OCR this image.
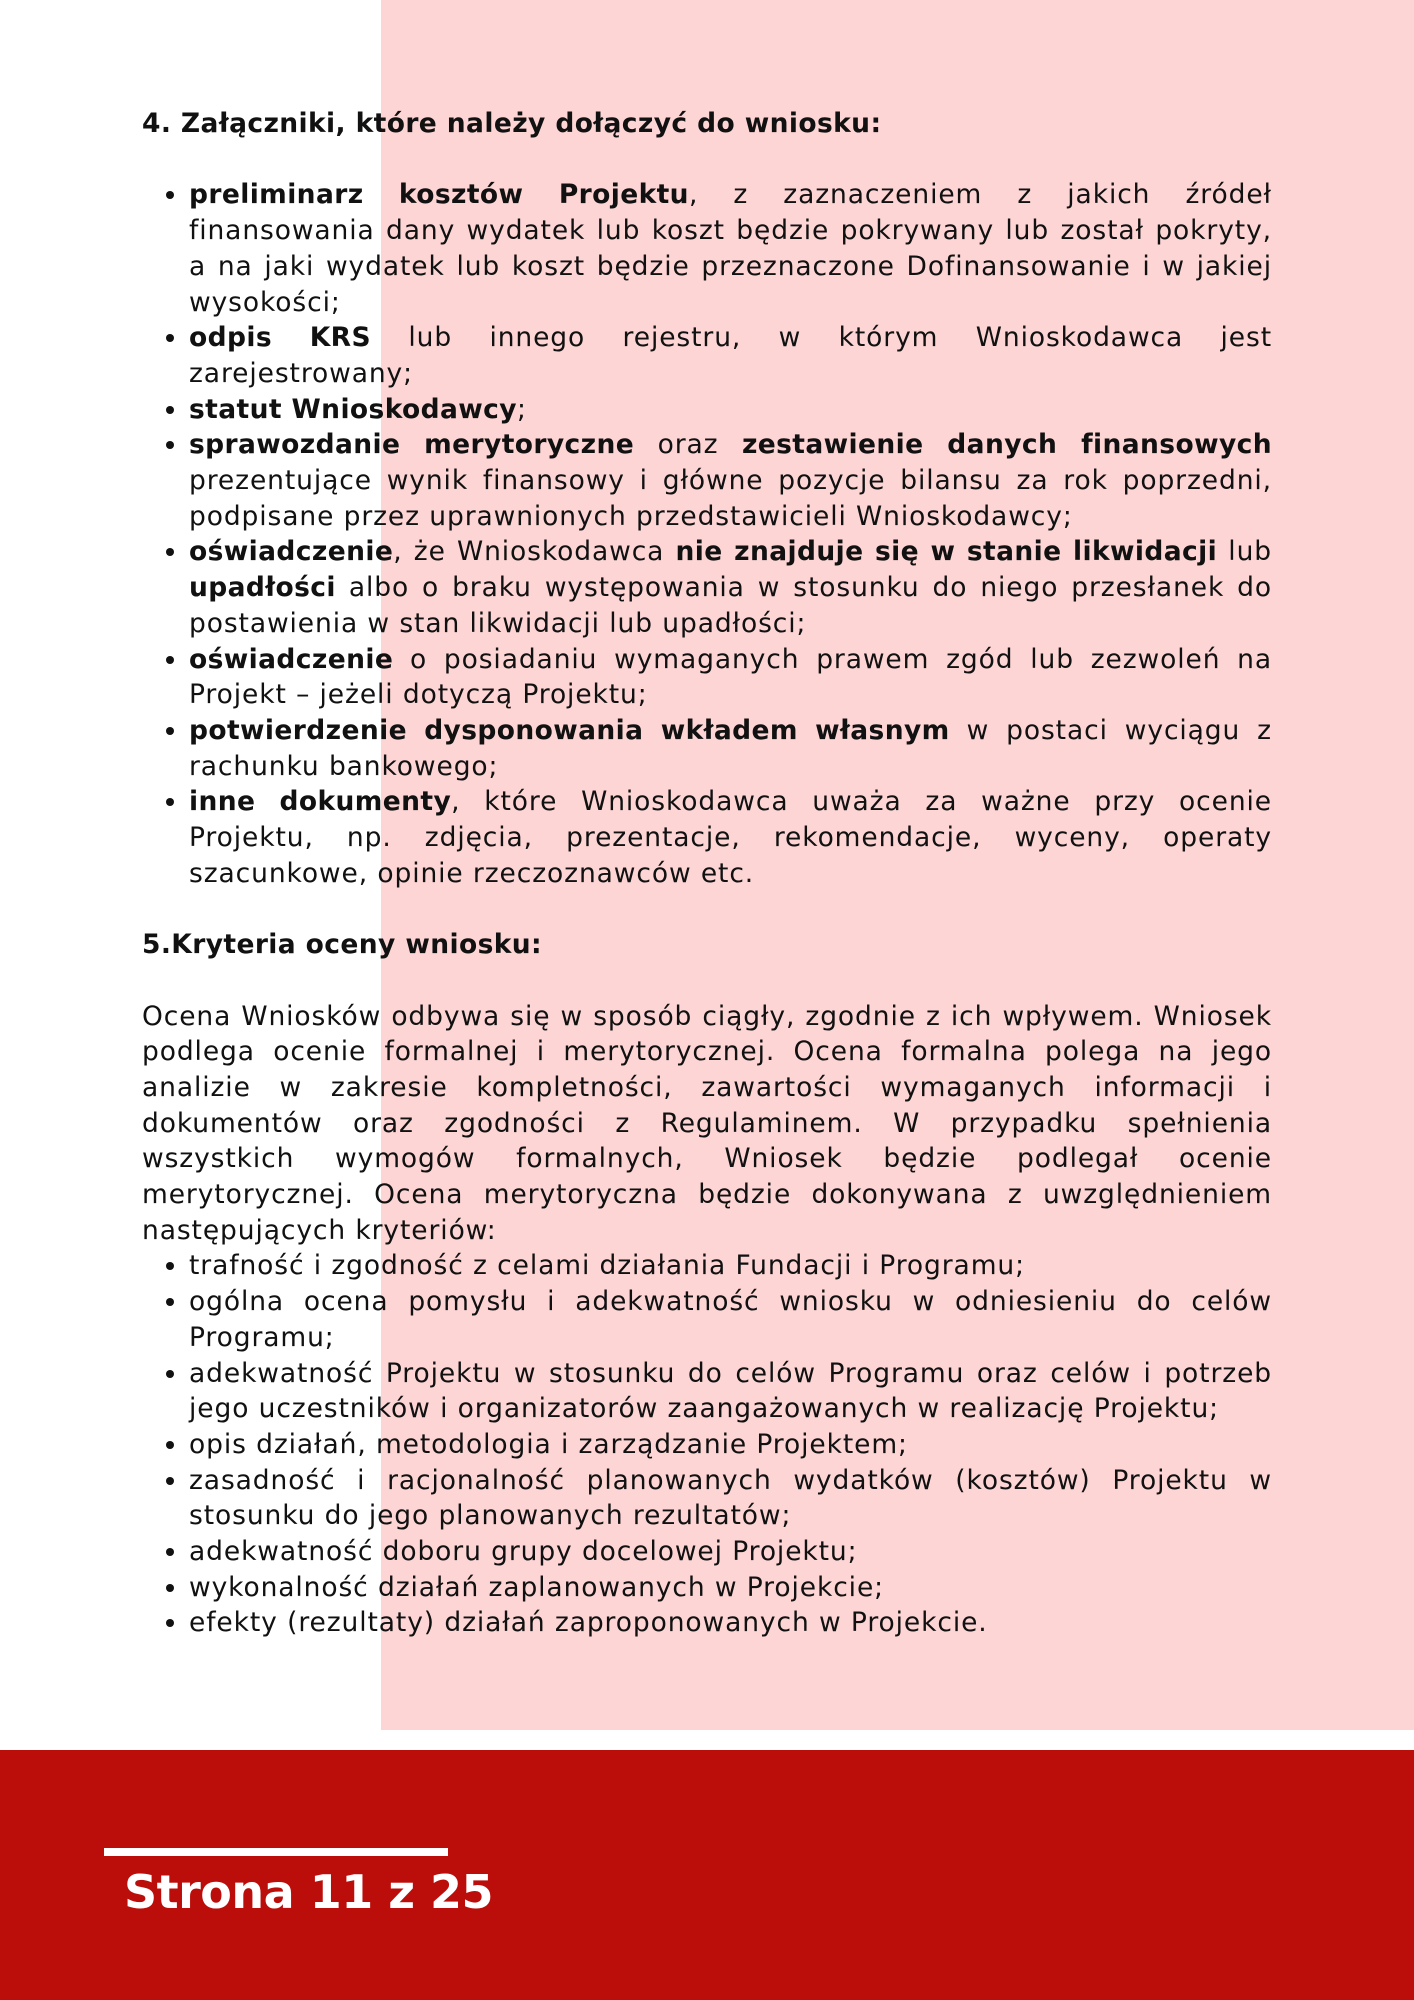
4. Załączniki, które należy dołączyć do wniosku:

• preliminarz kosztów Projektu, z zaznaczeniem z jakich źródeł finansowania dany wydatek lub koszt będzie pokrywany lub został pokryty, a na jaki wydatek lub koszt będzie przeznaczone Dofinansowanie i w jakiej wysokości;
• odpis KRS lub innego rejestru, w którym Wnioskodawca jest zarejestrowany;
• statut Wnioskodawcy;
• sprawozdanie merytoryczne oraz zestawienie danych finansowych prezentujące wynik finansowy i główne pozycje bilansu za rok poprzedni, podpisane przez uprawnionych przedstawicieli Wnioskodawcy;
• oświadczenie, że Wnioskodawca nie znajduje się w stanie likwidacji lub upadłości albo o braku występowania w stosunku do niego przesłanek do postawienia w stan likwidacji lub upadłości;
• oświadczenie o posiadaniu wymaganych prawem zgód lub zezwoleń na Projekt – jeżeli dotyczą Projektu;
• potwierdzenie dysponowania wkładem własnym w postaci wyciągu z rachunku bankowego;
• inne dokumenty, które Wnioskodawca uważa za ważne przy ocenie Projektu, np. zdjęcia, prezentacje, rekomendacje, wyceny, operaty szacunkowe, opinie rzeczoznawców etc.

5.Kryteria oceny wniosku:

Ocena Wniosków odbywa się w sposób ciągły, zgodnie z ich wpływem. Wniosek podlega ocenie formalnej i merytorycznej. Ocena formalna polega na jego analizie w zakresie kompletności, zawartości wymaganych informacji i dokumentów oraz zgodności z Regulaminem. W przypadku spełnienia wszystkich wymogów formalnych, Wniosek będzie podlegał ocenie merytorycznej. Ocena merytoryczna będzie dokonywana z uwzględnieniem następujących kryteriów:

• trafność i zgodność z celami działania Fundacji i Programu;
• ogólna ocena pomysłu i adekwatność wniosku w odniesieniu do celów Programu;
• adekwatność Projektu w stosunku do celów Programu oraz celów i potrzeb jego uczestników i organizatorów zaangażowanych w realizację Projektu;
• opis działań, metodologia i zarządzanie Projektem;
• zasadność i racjonalność planowanych wydatków (kosztów) Projektu w stosunku do jego planowanych rezultatów;
• adekwatność doboru grupy docelowej Projektu;
• wykonalność działań zaplanowanych w Projekcie;
• efekty (rezultaty) działań zaproponowanych w Projekcie.
Strona 11 z 25
